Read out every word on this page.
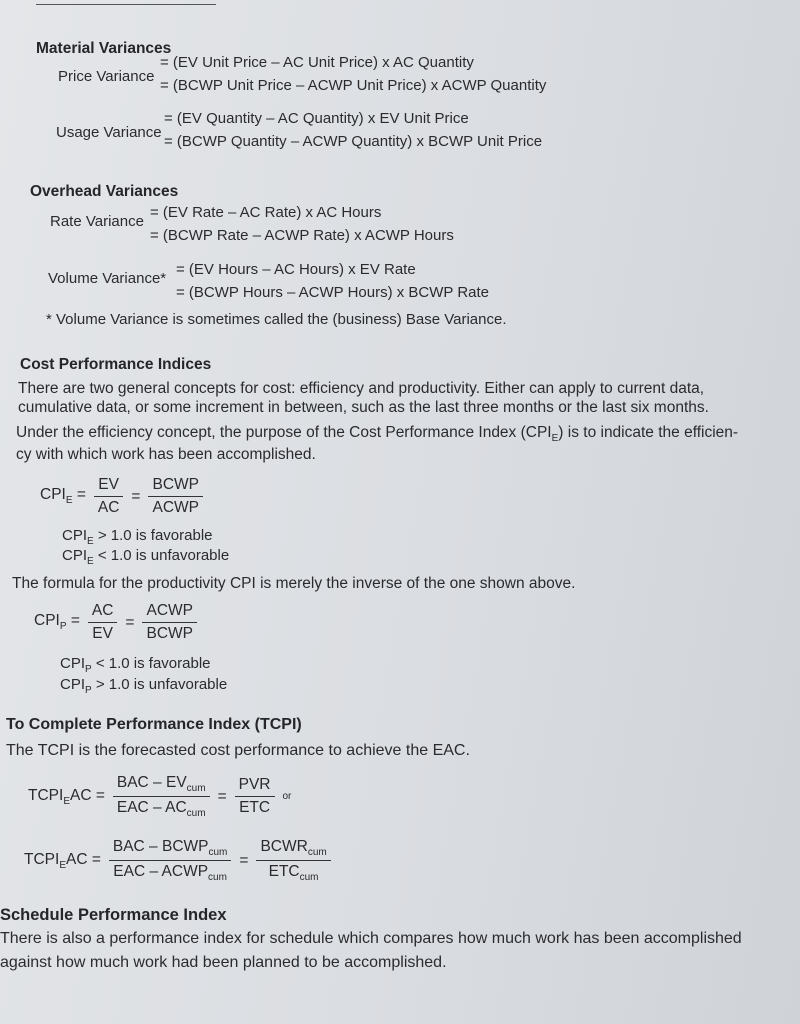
Material Variances
Price Variance
= (EV Unit Price – AC Unit Price) x AC Quantity
= (BCWP Unit Price – ACWP Unit Price) x ACWP Quantity
Usage Variance
= (EV Quantity – AC Quantity) x EV Unit Price
= (BCWP Quantity – ACWP Quantity) x BCWP Unit Price
Overhead Variances
Rate Variance
= (EV Rate – AC Rate) x AC Hours
= (BCWP Rate – ACWP Rate) x ACWP Hours
Volume Variance*
= (EV Hours – AC Hours) x EV Rate
= (BCWP Hours – ACWP Hours) x BCWP Rate
* Volume Variance is sometimes called the (business) Base Variance.
Cost Performance Indices
There are two general concepts for cost: efficiency and productivity. Either can apply to current data,
cumulative data, or some increment in between, such as the last three months or the last six months.
Under the efficiency concept, the purpose of the Cost Performance Index $(CPI_E)$ is to indicate the efficien-
cy with which work has been accomplished.
$CPI_E = \frac{EV}{AC} = \frac{\text{BCWP}}{\text{ACWP}}$
$CPI_E > 1.0$ is favorable
$CPI_E < 1.0$ is unfavorable
The formula for the productivity CPI is merely the inverse of the one shown above.
$CPI_P = \frac{AC}{EV} = \frac{\text{ACWP}}{\text{BCWP}}$
$CPI_P < 1.0$ is favorable
$CPI_P > 1.0$ is unfavorable
To Complete Performance Index (TCPI)
The TCPI is the forecasted cost performance to achieve the EAC.
$TCPI_EAC = \frac{BAC - EV_{cum}}{EAC - AC_{cum}} = \frac{\text{PVR}}{\text{ETC}}$ or
$TCPI_EAC = \frac{BAC - BCWP_{cum}}{EAC - ACWP_{cum}} = \frac{BCWR_{cum}}{ETC_{cum}}$
Schedule Performance Index
There is also a performance index for schedule which compares how much work has been accomplished
against how much work had been planned to be accomplished.
